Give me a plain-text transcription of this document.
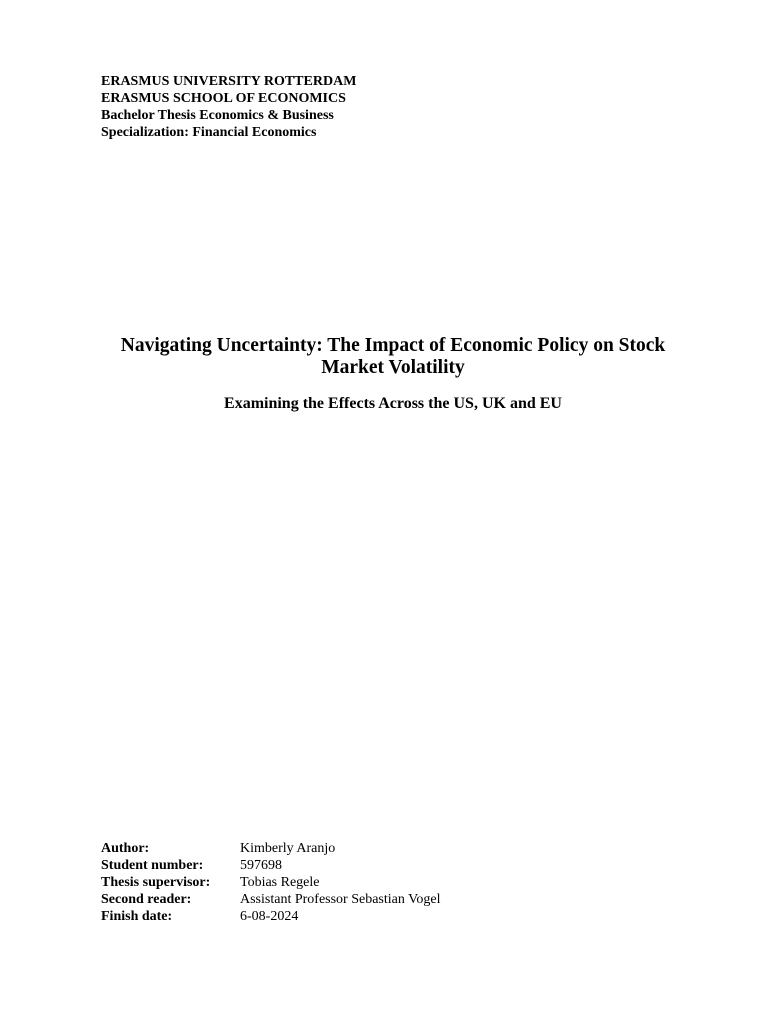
ERASMUS UNIVERSITY ROTTERDAM
ERASMUS SCHOOL OF ECONOMICS
Bachelor Thesis Economics & Business
Specialization: Financial Economics
Navigating Uncertainty: The Impact of Economic Policy on Stock
Market Volatility
Examining the Effects Across the US, UK and EU
Author:	Kimberly Aranjo
Student number:	597698
Thesis supervisor:	Tobias Regele
Second reader:	Assistant Professor Sebastian Vogel
Finish date:	6-08-2024
